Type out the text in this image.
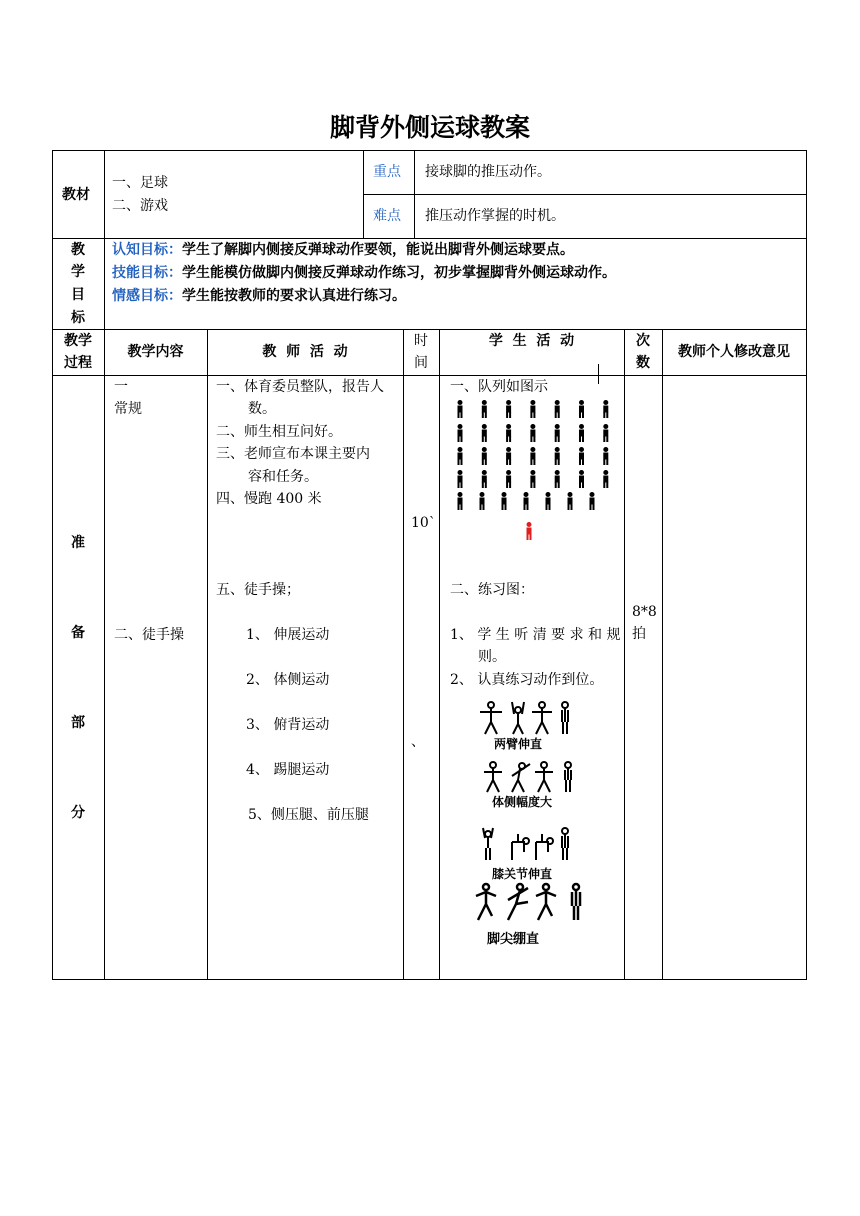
脚背外侧运球教案
教材
一、足球
二、游戏
重点 接球脚的推压动作。
难点 推压动作掌握的时机。
教
学
目
标
认知目标：学生了解脚内侧接反弹球动作要领，能说出脚背外侧运球要点。
技能目标：学生能模仿做脚内侧接反弹球动作练习，初步掌握脚背外侧运球动作。
情感目标：学生能按教师的要求认真进行练习。
教学
过程
教学内容	教  师  活  动
时
间
学  生  活  动	次
数
教师个人修改意见
准
备
部
分
一
常规
二、徒手操
一、体育委员整队，报告人
数。
二、师生相互问好。
三、老师宣布本课主要内
容和任务。
四、慢跑 400 米
五、徒手操；
1、 伸展运动
2、 体侧运动
3、 俯背运动
4、 踢腿运动
5、侧压腿、前压腿
10`
、
一、队列如图示
二、练习图：
1、 学 生 听 清 要 求 和 规
则。
2、 认真练习动作到位。
两臂伸直
体侧幅度大
膝关节伸直
脚尖绷直
8*8
拍
